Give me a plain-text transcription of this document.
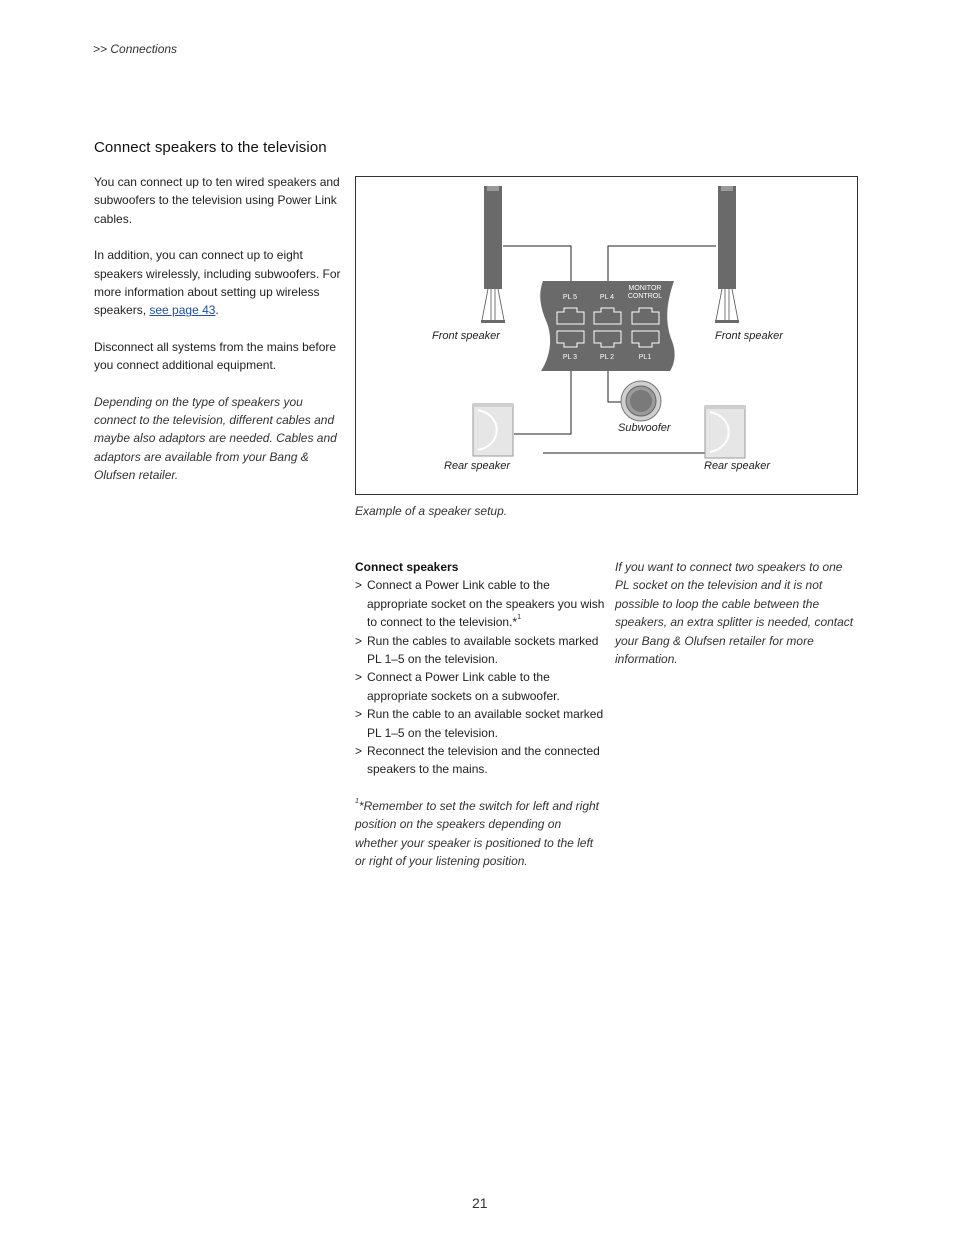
>> Connections
Connect speakers to the television

You can connect up to ten wired speakers and subwoofers to the television using Power Link cables.

In addition, you can connect up to eight speakers wirelessly, including subwoofers. For more information about setting up wireless speakers, see page 43.

Disconnect all systems from the mains before you connect additional equipment.

Depending on the type of speakers you connect to the television, different cables and maybe also adaptors are needed. Cables and adaptors are available from your Bang & Olufsen retailer.

PL 5	PL 4
MONITOR
CONTROL
PL 3	PL 2	PL1
Front speaker	Front speaker
Subwoofer
Rear speaker	Rear speaker
Example of a speaker setup.
Connect speakers
> Connect a Power Link cable to the appropriate socket on the speakers you wish to connect to the television.*$^1$
> Run the cables to available sockets marked PL 1–5 on the television.
> Connect a Power Link cable to the appropriate sockets on a subwoofer.
> Run the cable to an available socket marked PL 1–5 on the television.
> Reconnect the television and the connected speakers to the mains.

$^1$*Remember to set the switch for left and right position on the speakers depending on whether your speaker is positioned to the left or right of your listening position.

If you want to connect two speakers to one PL socket on the television and it is not possible to loop the cable between the speakers, an extra splitter is needed, contact your Bang & Olufsen retailer for more information.

21
